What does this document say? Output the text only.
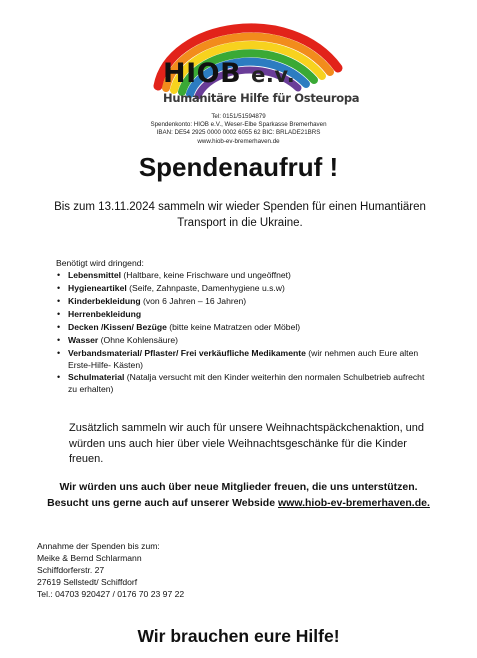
HIOB e.v.
Humanitäre Hilfe für Osteuropa
Tel: 0151/51594879
Spendenkonto: HIOB e.V., Weser-Elbe Sparkasse Bremerhaven
IBAN: DE54 2925 0000 0002 6055 62 BIC: BRLADE21BRS
www.hiob-ev-bremerhaven.de
Spendenaufruf !
Bis zum 13.11.2024 sammeln wir wieder Spenden für einen Humantiären Transport in die Ukraine.
Benötigt wird dringend:
• Lebensmittel (Haltbare, keine Frischware und ungeöffnet)
• Hygieneartikel (Seife, Zahnpaste, Damenhygiene u.s.w)
• Kinderbekleidung (von 6 Jahren – 16 Jahren)
• Herrenbekleidung
• Decken /Kissen/ Bezüge (bitte keine Matratzen oder Möbel)
• Wasser (Ohne Kohlensäure)
• Verbandsmaterial/ Pflaster/ Frei verkäufliche Medikamente (wir nehmen auch Eure alten Erste-Hilfe- Kästen)
• Schulmaterial (Natalja versucht mit den Kinder weiterhin den normalen Schulbetrieb aufrecht zu erhalten)
Zusätzlich sammeln wir auch für unsere Weihnachtspäckchenaktion, und würden uns auch hier über viele Weihnachtsgeschänke für die Kinder freuen.
Wir würden uns auch über neue Mitglieder freuen, die uns unterstützen.
Besucht uns gerne auch auf unserer Webside www.hiob-ev-bremerhaven.de.
Annahme der Spenden bis zum:
Meike & Bernd Schlarmann
Schiffdorferstr. 27
27619 Sellstedt/ Schiffdorf
Tel.: 04703 920427 / 0176 70 23 97 22
Wir brauchen eure Hilfe!
